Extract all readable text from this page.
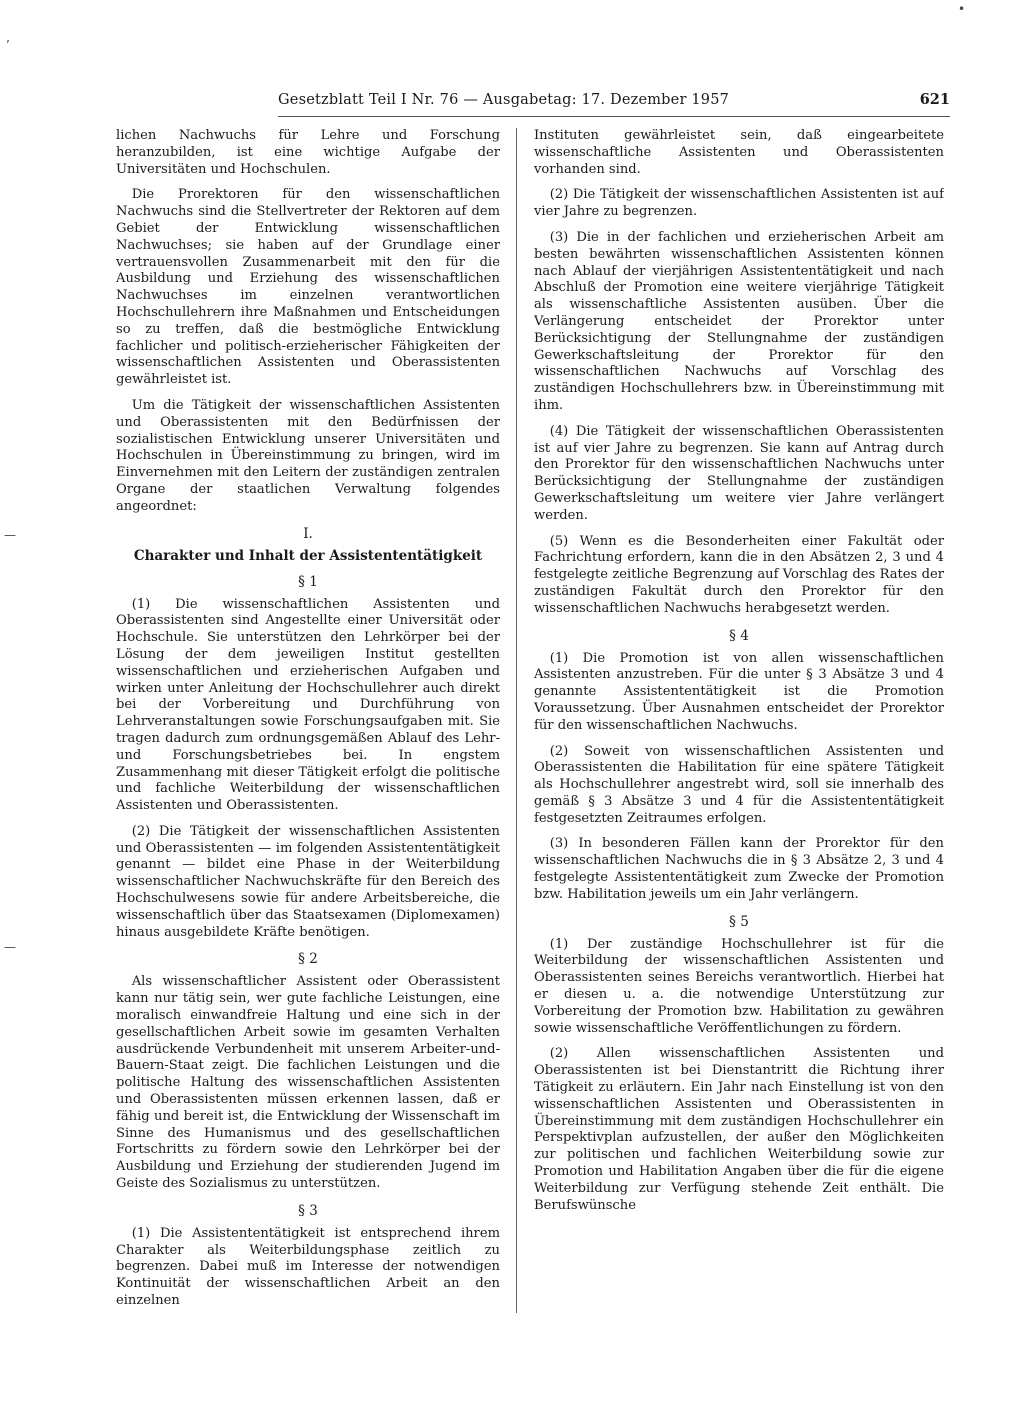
Gesetzblatt Teil I Nr. 76 — Ausgabetag: 17. Dezember 1957	621

lichen Nachwuchs für Lehre und Forschung heranzubilden, ist eine wichtige Aufgabe der Universitäten und Hochschulen.

Die Prorektoren für den wissenschaftlichen Nachwuchs sind die Stellvertreter der Rektoren auf dem Gebiet der Entwicklung wissenschaftlichen Nachwuchses; sie haben auf der Grundlage einer vertrauensvollen Zusammenarbeit mit den für die Ausbildung und Erziehung des wissenschaftlichen Nachwuchses im einzelnen verantwortlichen Hochschullehrern ihre Maßnahmen und Entscheidungen so zu treffen, daß die bestmögliche Entwicklung fachlicher und politisch-erzieherischer Fähigkeiten der wissenschaftlichen Assistenten und Oberassistenten gewährleistet ist.

Um die Tätigkeit der wissenschaftlichen Assistenten und Oberassistenten mit den Bedürfnissen der sozialistischen Entwicklung unserer Universitäten und Hochschulen in Übereinstimmung zu bringen, wird im Einvernehmen mit den Leitern der zuständigen zentralen Organe der staatlichen Verwaltung folgendes angeordnet:

I.
Charakter und Inhalt der Assistententätigkeit
§ 1

(1) Die wissenschaftlichen Assistenten und Oberassistenten sind Angestellte einer Universität oder Hochschule. Sie unterstützen den Lehrkörper bei der Lösung der dem jeweiligen Institut gestellten wissenschaftlichen und erzieherischen Aufgaben und wirken unter Anleitung der Hochschullehrer auch direkt bei der Vorbereitung und Durchführung von Lehrveranstaltungen sowie Forschungsaufgaben mit. Sie tragen dadurch zum ordnungsgemäßen Ablauf des Lehr- und Forschungsbetriebes bei. In engstem Zusammenhang mit dieser Tätigkeit erfolgt die politische und fachliche Weiterbildung der wissenschaftlichen Assistenten und Oberassistenten.

(2) Die Tätigkeit der wissenschaftlichen Assistenten und Oberassistenten — im folgenden Assistententätigkeit genannt — bildet eine Phase in der Weiterbildung wissenschaftlicher Nachwuchskräfte für den Bereich des Hochschulwesens sowie für andere Arbeitsbereiche, die wissenschaftlich über das Staatsexamen (Diplomexamen) hinaus ausgebildete Kräfte benötigen.

§ 2

Als wissenschaftlicher Assistent oder Oberassistent kann nur tätig sein, wer gute fachliche Leistungen, eine moralisch einwandfreie Haltung und eine sich in der gesellschaftlichen Arbeit sowie im gesamten Verhalten ausdrückende Verbundenheit mit unserem Arbeiter-und-Bauern-Staat zeigt. Die fachlichen Leistungen und die politische Haltung des wissenschaftlichen Assistenten und Oberassistenten müssen erkennen lassen, daß er fähig und bereit ist, die Entwicklung der Wissenschaft im Sinne des Humanismus und des gesellschaftlichen Fortschritts zu fördern sowie den Lehrkörper bei der Ausbildung und Erziehung der studierenden Jugend im Geiste des Sozialismus zu unterstützen.

§ 3

(1) Die Assistententätigkeit ist entsprechend ihrem Charakter als Weiterbildungsphase zeitlich zu begrenzen. Dabei muß im Interesse der notwendigen Kontinuität der wissenschaftlichen Arbeit an den einzelnen

Instituten gewährleistet sein, daß eingearbeitete wissenschaftliche Assistenten und Oberassistenten vorhanden sind.

(2) Die Tätigkeit der wissenschaftlichen Assistenten ist auf vier Jahre zu begrenzen.

(3) Die in der fachlichen und erzieherischen Arbeit am besten bewährten wissenschaftlichen Assistenten können nach Ablauf der vierjährigen Assistententätigkeit und nach Abschluß der Promotion eine weitere vierjährige Tätigkeit als wissenschaftliche Assistenten ausüben. Über die Verlängerung entscheidet der Prorektor unter Berücksichtigung der Stellungnahme der zuständigen Gewerkschaftsleitung der Prorektor für den wissenschaftlichen Nachwuchs auf Vorschlag des zuständigen Hochschullehrers bzw. in Übereinstimmung mit ihm.

(4) Die Tätigkeit der wissenschaftlichen Oberassistenten ist auf vier Jahre zu begrenzen. Sie kann auf Antrag durch den Prorektor für den wissenschaftlichen Nachwuchs unter Berücksichtigung der Stellungnahme der zuständigen Gewerkschaftsleitung um weitere vier Jahre verlängert werden.

(5) Wenn es die Besonderheiten einer Fakultät oder Fachrichtung erfordern, kann die in den Absätzen 2, 3 und 4 festgelegte zeitliche Begrenzung auf Vorschlag des Rates der zuständigen Fakultät durch den Prorektor für den wissenschaftlichen Nachwuchs herabgesetzt werden.

§ 4

(1) Die Promotion ist von allen wissenschaftlichen Assistenten anzustreben. Für die unter § 3 Absätze 3 und 4 genannte Assistententätigkeit ist die Promotion Voraussetzung. Über Ausnahmen entscheidet der Prorektor für den wissenschaftlichen Nachwuchs.

(2) Soweit von wissenschaftlichen Assistenten und Oberassistenten die Habilitation für eine spätere Tätigkeit als Hochschullehrer angestrebt wird, soll sie innerhalb des gemäß § 3 Absätze 3 und 4 für die Assistententätigkeit festgesetzten Zeitraumes erfolgen.

(3) In besonderen Fällen kann der Prorektor für den wissenschaftlichen Nachwuchs die in § 3 Absätze 2, 3 und 4 festgelegte Assistententätigkeit zum Zwecke der Promotion bzw. Habilitation jeweils um ein Jahr verlängern.

§ 5

(1) Der zuständige Hochschullehrer ist für die Weiterbildung der wissenschaftlichen Assistenten und Oberassistenten seines Bereichs verantwortlich. Hierbei hat er diesen u. a. die notwendige Unterstützung zur Vorbereitung der Promotion bzw. Habilitation zu gewähren sowie wissenschaftliche Veröffentlichungen zu fördern.

(2) Allen wissenschaftlichen Assistenten und Oberassistenten ist bei Dienstantritt die Richtung ihrer Tätigkeit zu erläutern. Ein Jahr nach Einstellung ist von den wissenschaftlichen Assistenten und Oberassistenten in Übereinstimmung mit dem zuständigen Hochschullehrer ein Perspektivplan aufzustellen, der außer den Möglichkeiten zur politischen und fachlichen Weiterbildung sowie zur Promotion und Habilitation Angaben über die für die eigene Weiterbildung zur Verfügung stehende Zeit enthält. Die Berufswünsche

•
’
—
—
